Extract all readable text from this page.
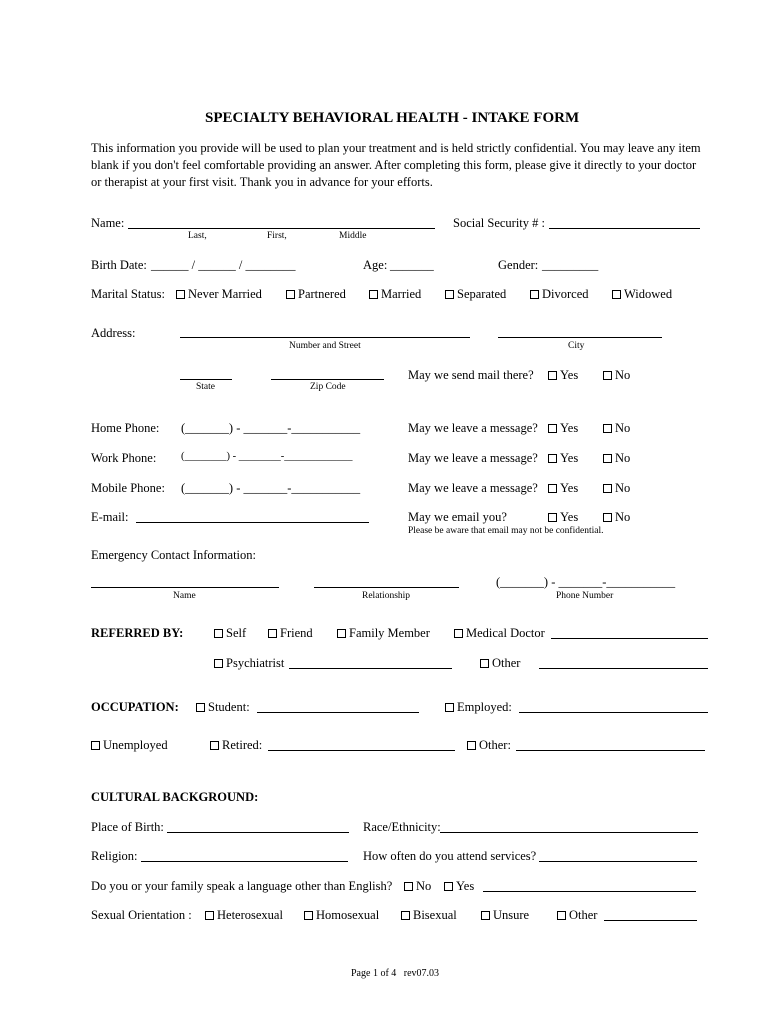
SPECIALTY BEHAVIORAL HEALTH - INTAKE FORM
This information you provide will be used to plan your treatment and is held strictly confidential. You may leave any item blank if you don't feel comfortable providing an answer. After completing this form, please give it directly to your doctor or therapist at your first visit. Thank you in advance for your efforts.
Name:
Last,	First,	Middle
Social Security # :
Birth Date: ______ / ______ / ________	Age: _______	Gender: _________
Marital Status:	Never Married	Partnered	Married	Separated	Divorced	Widowed
Address:
Number and Street	City
State	Zip Code
May we send mail there?	Yes	No
Home Phone: (_______) - _______-___________	May we leave a message?	Yes	No
Work Phone: (________) - ________-_____________	May we leave a message?	Yes	No
Mobile Phone: (_______) - _______-___________	May we leave a message?	Yes	No
E-mail:	May we email you?	Yes	No
Please be aware that email may not be confidential.
Emergency Contact Information:
Name	Relationship
(_______) - _______-___________
Phone Number
REFERRED BY:	Self	Friend	Family Member	Medical Doctor
Psychiatrist	Other
OCCUPATION:	Student:	Employed:
Unemployed	Retired:	Other:
CULTURAL BACKGROUND:
Place of Birth:	Race/Ethnicity:
Religion:	How often do you attend services?
Do you or your family speak a language other than English?	No	Yes
Sexual Orientation :	Heterosexual	Homosexual	Bisexual	Unsure	Other
Page 1 of 4 rev07.03
